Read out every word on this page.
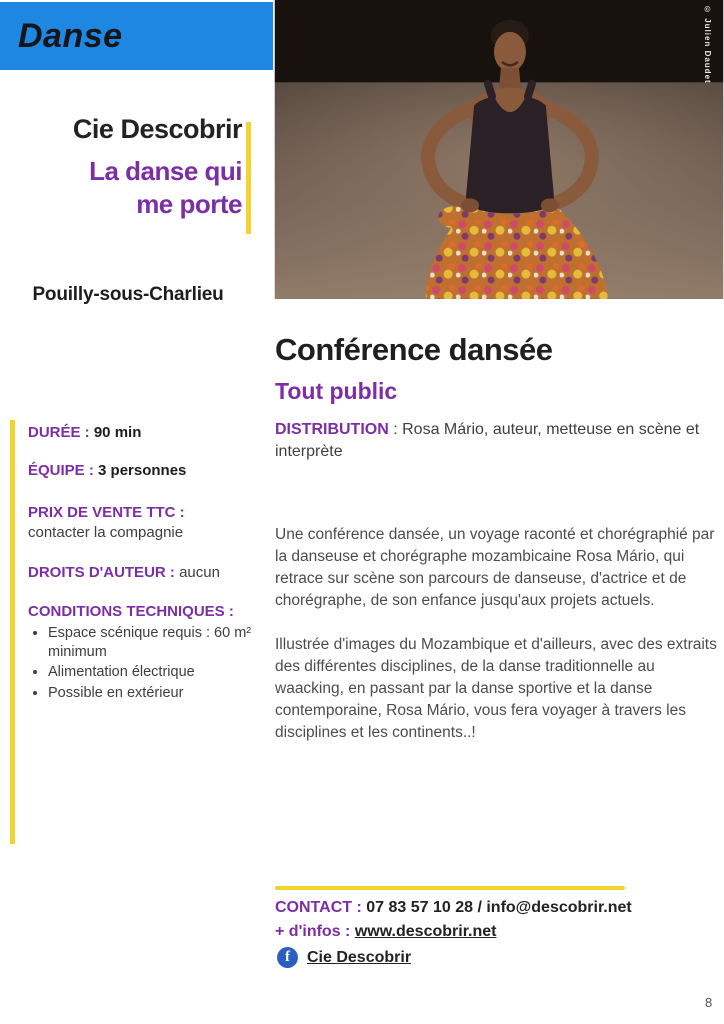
Danse	© Julien Daudet
Cie Descobrir
La danse qui
me porte
Pouilly-sous-Charlieu
DURÉE : 90 min
ÉQUIPE : 3 personnes
PRIX DE VENTE TTC :
contacter la compagnie
DROITS D'AUTEUR : aucun
CONDITIONS TECHNIQUES :
• Espace scénique requis : 60 m² minimum
• Alimentation électrique
• Possible en extérieur
Conférence dansée
Tout public
DISTRIBUTION : Rosa Mário, auteur, metteuse en scène et interprète

Une conférence dansée, un voyage raconté et chorégraphié par la danseuse et chorégraphe mozambicaine Rosa Mário, qui retrace sur scène son parcours de danseuse, d'actrice et de chorégraphe, de son enfance jusqu'aux projets actuels.

Illustrée d'images du Mozambique et d'ailleurs, avec des extraits des différentes disciplines, de la danse traditionnelle au waacking, en passant par la danse sportive et la danse contemporaine, Rosa Mário, vous fera voyager à travers les disciplines et les continents..!

CONTACT : 07 83 57 10 28 / info@descobrir.net
+ d'infos : www.descobrir.net
f	Cie Descobrir
8
